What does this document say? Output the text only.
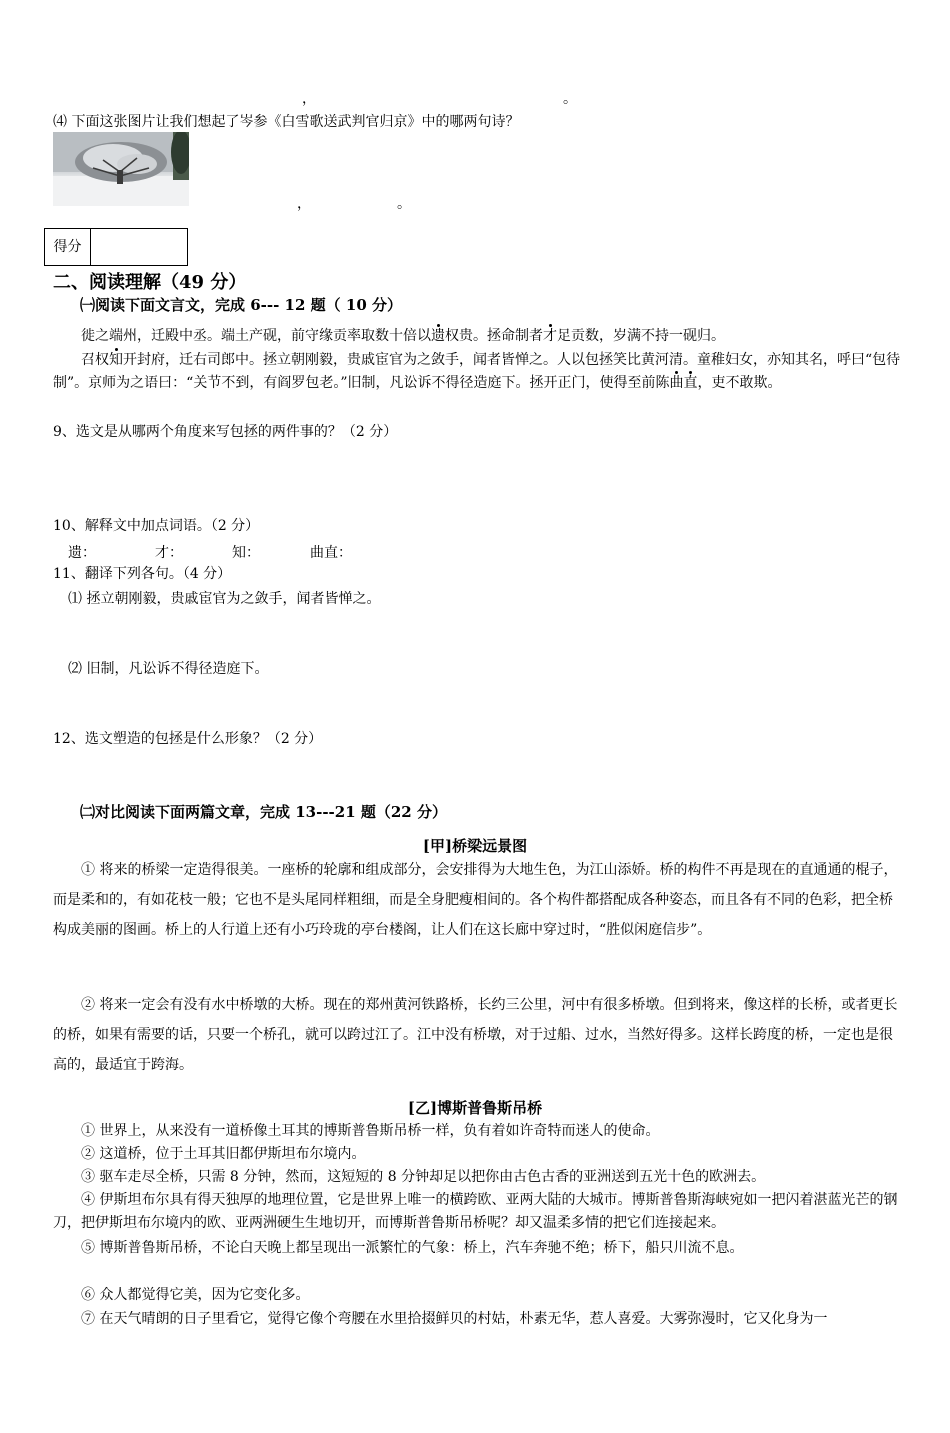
，	。
⑷ 下面这张图片让我们想起了岑参《白雪歌送武判官归京》中的哪两句诗？
，	。
得分
二、阅读理解（49 分）
㈠阅读下面文言文，完成 6--- 12 题（ 10 分）
徙之端州，迁殿中丞。端土产砚，前守缘贡率取数十倍以遗权贵。拯命制者才足贡数，岁满不持一砚归。
召权知开封府，迁右司郎中。拯立朝刚毅，贵戚宦官为之敛手，闻者皆惮之。人以包拯笑比黄河清。童稚妇女，亦知其名，呼曰“包待制”。京师为之语曰：“关节不到，有阎罗包老。”旧制，凡讼诉不得径造庭下。拯开正门，使得至前陈曲直，吏不敢欺。
9、选文是从哪两个角度来写包拯的两件事的？（2 分）
10、解释文中加点词语。（2 分）
遗：	才：	知：	曲直：
11、翻译下列各句。（4 分）
⑴ 拯立朝刚毅，贵戚宦官为之敛手，闻者皆惮之。
⑵ 旧制，凡讼诉不得径造庭下。
12、选文塑造的包拯是什么形象？（2 分）
㈡对比阅读下面两篇文章，完成 13---21 题（22 分）
[甲]桥梁远景图
① 将来的桥梁一定造得很美。一座桥的轮廓和组成部分，会安排得为大地生色，为江山添娇。桥的构件不再是现在的直通通的棍子，而是柔和的，有如花枝一般；它也不是头尾同样粗细，而是全身肥瘦相间的。各个构件都搭配成各种姿态，而且各有不同的色彩，把全桥构成美丽的图画。桥上的人行道上还有小巧玲珑的亭台楼阁，让人们在这长廊中穿过时，“胜似闲庭信步”。
② 将来一定会有没有水中桥墩的大桥。现在的郑州黄河铁路桥，长约三公里，河中有很多桥墩。但到将来，像这样的长桥，或者更长的桥，如果有需要的话，只要一个桥孔，就可以跨过江了。江中没有桥墩，对于过船、过水，当然好得多。这样长跨度的桥，一定也是很高的，最适宜于跨海。
[乙]博斯普鲁斯吊桥
① 世界上，从来没有一道桥像土耳其的博斯普鲁斯吊桥一样，负有着如许奇特而迷人的使命。
② 这道桥，位于土耳其旧都伊斯坦布尔境内。
③ 驱车走尽全桥，只需 8 分钟，然而，这短短的 8 分钟却足以把你由古色古香的亚洲送到五光十色的欧洲去。
④ 伊斯坦布尔具有得天独厚的地理位置，它是世界上唯一的横跨欧、亚两大陆的大城市。博斯普鲁斯海峡宛如一把闪着湛蓝光芒的钢刀，把伊斯坦布尔境内的欧、亚两洲硬生生地切开，而博斯普鲁斯吊桥呢？却又温柔多情的把它们连接起来。
⑤ 博斯普鲁斯吊桥，不论白天晚上都呈现出一派繁忙的气象：桥上，汽车奔驰不绝；桥下，船只川流不息。
⑥ 众人都觉得它美，因为它变化多。
⑦ 在天气晴朗的日子里看它，觉得它像个弯腰在水里拾掇鲜贝的村姑，朴素无华，惹人喜爱。大雾弥漫时，它又化身为一
